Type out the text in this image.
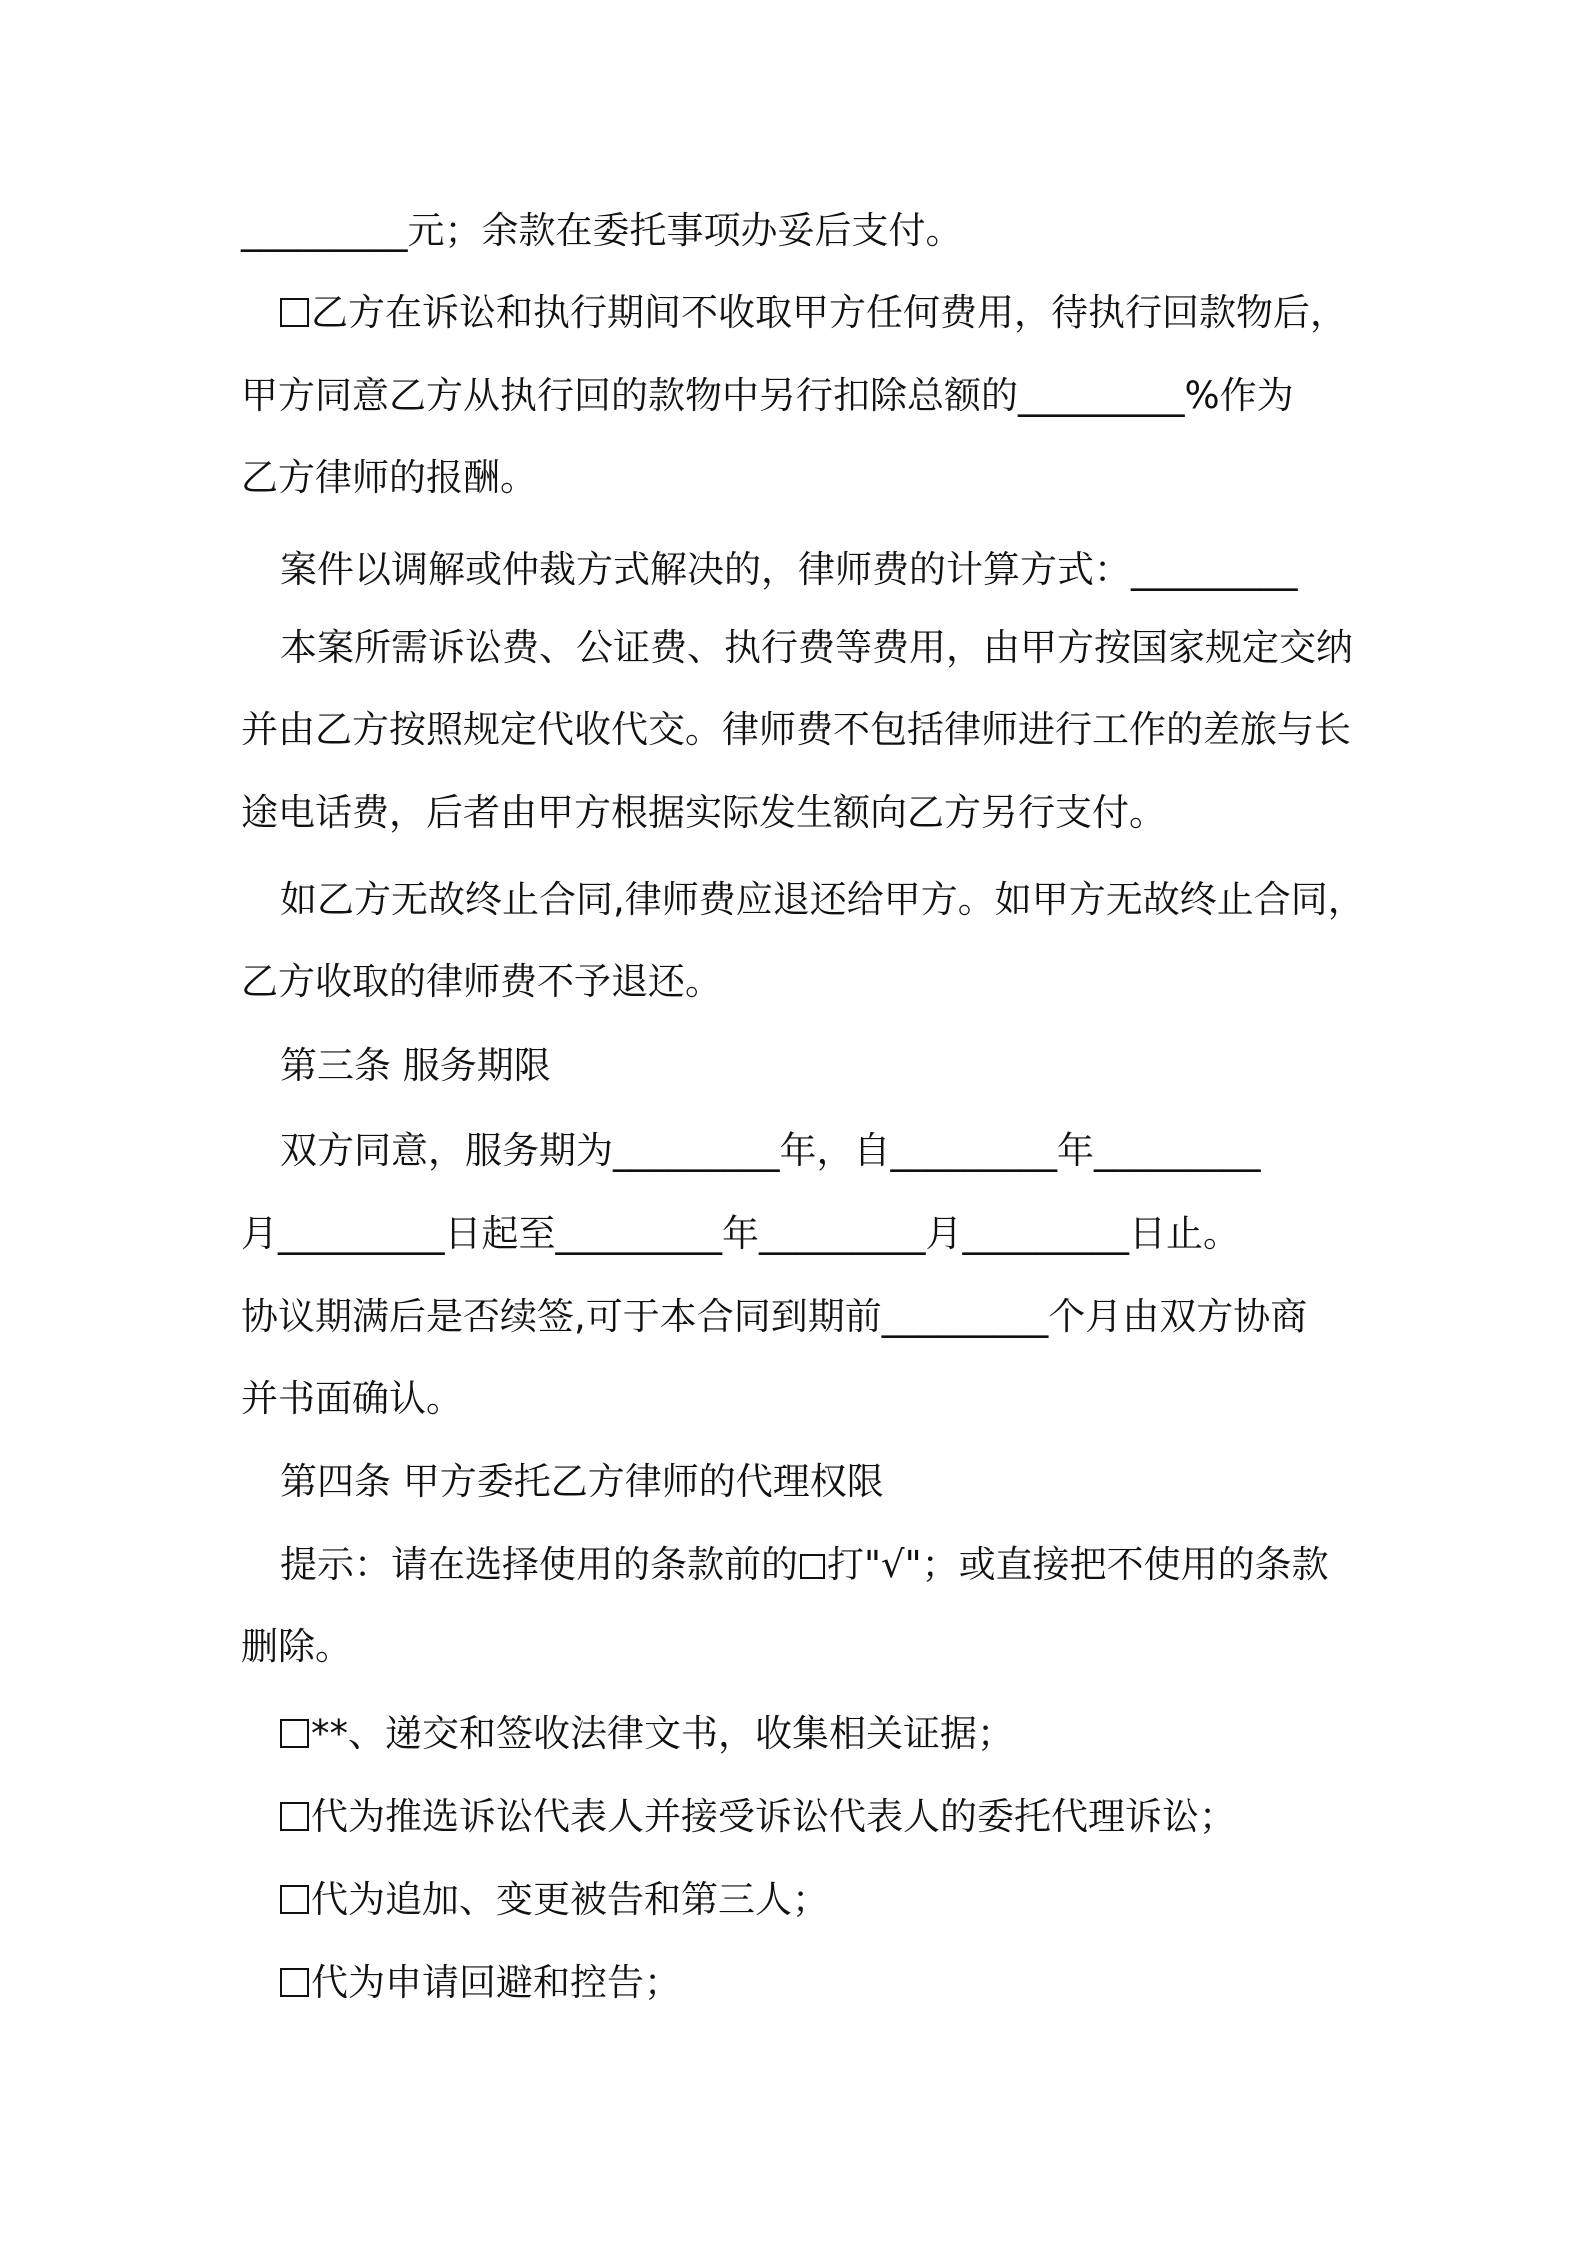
_________元；余款在委托事项办妥后支付。
乙方在诉讼和执行期间不收取甲方任何费用，待执行回款物后，
甲方同意乙方从执行回的款物中另行扣除总额的_________%作为
乙方律师的报酬。
案件以调解或仲裁方式解决的，律师费的计算方式：_________
本案所需诉讼费、公证费、执行费等费用，由甲方按国家规定交纳
并由乙方按照规定代收代交。律师费不包括律师进行工作的差旅与长
途电话费，后者由甲方根据实际发生额向乙方另行支付。
如乙方无故终止合同,律师费应退还给甲方。如甲方无故终止合同，
乙方收取的律师费不予退还。
第三条 服务期限
双方同意，服务期为_________年，自_________年_________
月_________日起至_________年_________月_________日止。
协议期满后是否续签,可于本合同到期前_________个月由双方协商
并书面确认。
第四条 甲方委托乙方律师的代理权限
提示：请在选择使用的条款前的 打"√"；或直接把不使用的条款
删除。
**、递交和签收法律文书，收集相关证据；
代为推选诉讼代表人并接受诉讼代表人的委托代理诉讼；
代为追加、变更被告和第三人；
代为申请回避和控告；
